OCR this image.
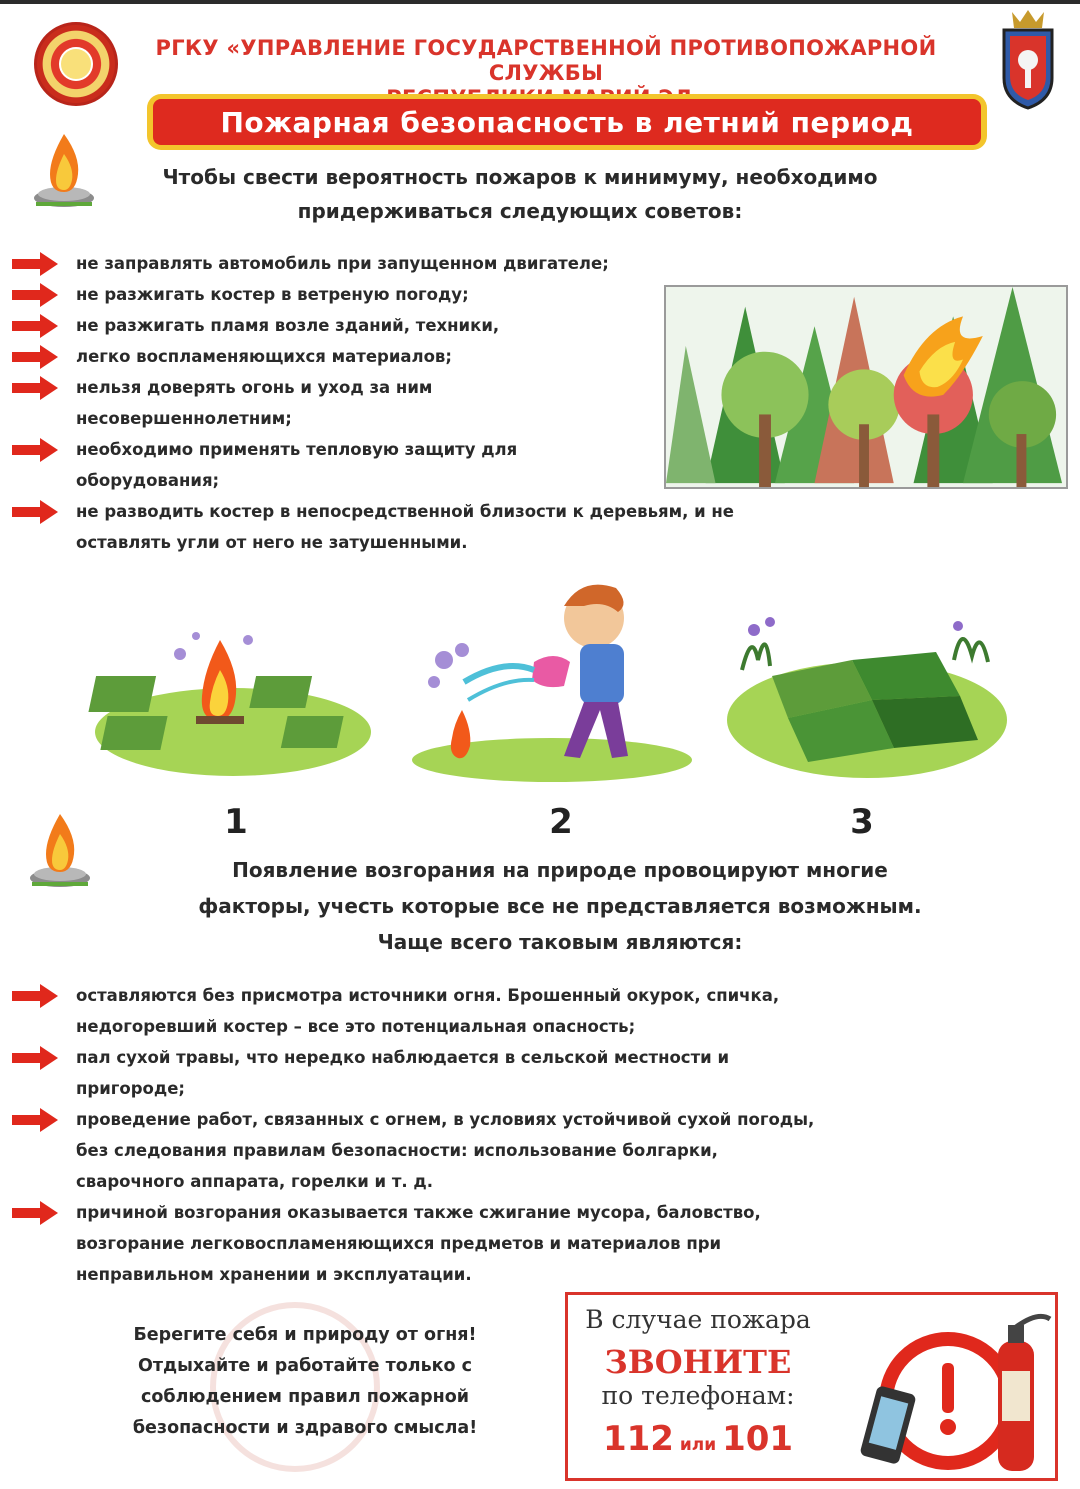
РГКУ «УПРАВЛЕНИЕ ГОСУДАРСТВЕННОЙ ПРОТИВОПОЖАРНОЙ СЛУЖБЫ
Пожарная безопасность в летний период
Чтобы свести вероятность пожаров к минимуму, необходимо
придерживаться следующих советов:
не заправлять автомобиль при запущенном двигателе;
не разжигать костер в ветреную погоду;
не разжигать пламя возле зданий, техники,
легко воспламеняющихся материалов;
нельзя доверять огонь и уход за ним
несовершеннолетним;
необходимо применять тепловую защиту для
оборудования;
не разводить костер в непосредственной близости к деревьям, и не
оставлять угли от него не затушенными.
1	2	3
Появление возгорания на природе провоцируют многие
факторы, учесть которые все не представляется возможным.
Чаще всего таковым являются:
оставляются без присмотра источники огня. Брошенный окурок, спичка,
недогоревший костер – все это потенциальная опасность;
пал сухой травы, что нередко наблюдается в сельской местности и
пригороде;
проведение работ, связанных с огнем, в условиях устойчивой сухой погоды,
без следования правилам безопасности: использование болгарки,
сварочного аппарата, горелки и т. д.
причиной возгорания оказывается также сжигание мусора, баловство,
возгорание легковоспламеняющихся предметов и материалов при
неправильном хранении и эксплуатации.
Берегите себя и природу от огня!
Отдыхайте и работайте только с
соблюдением правил пожарной
безопасности и здравого смысла!
В случае пожара
ЗВОНИТЕ
по телефонам:
112 или 101
